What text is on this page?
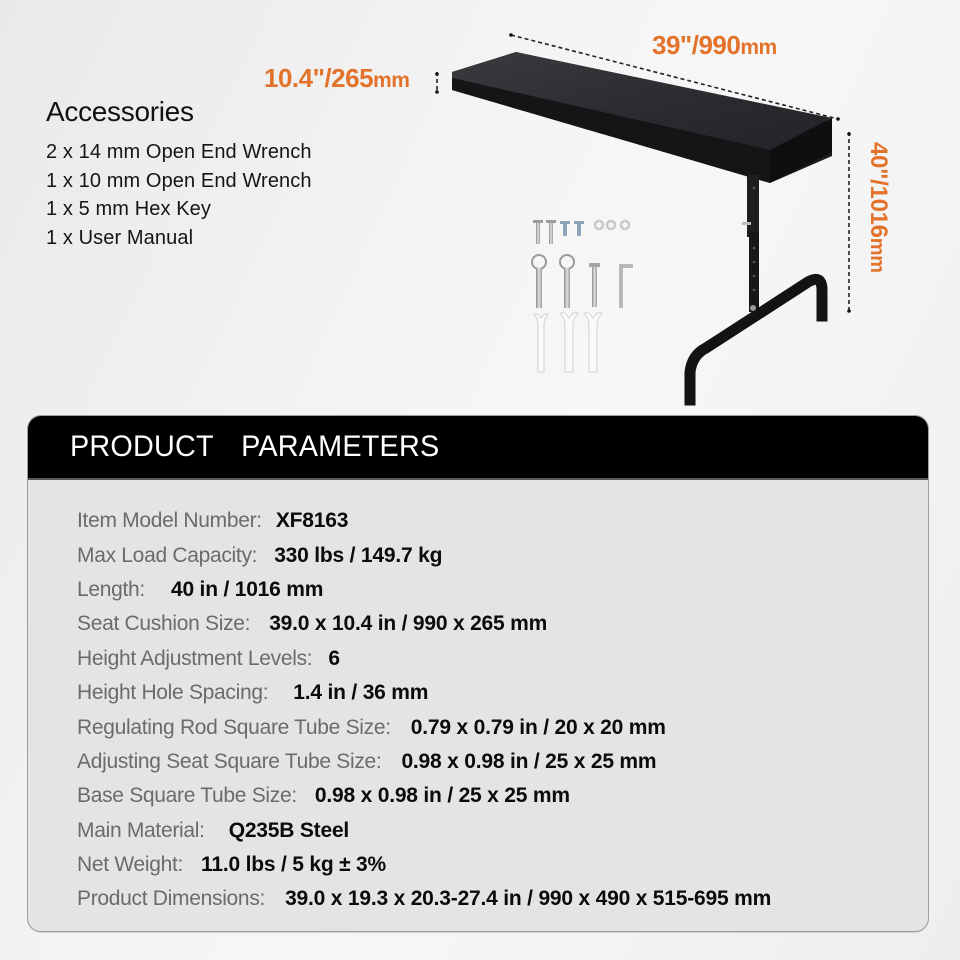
10.4"/265mm
39"/990mm
40"/1016mm
Accessories
2 x 14 mm Open End Wrench
1 x 10 mm Open End Wrench
1 x 5 mm Hex Key
1 x User Manual
PRODUCT  PARAMETERS
Item Model Number: XF8163
Max Load Capacity: 330 lbs / 149.7 kg
Length: 40 in / 1016 mm
Seat Cushion Size: 39.0 x 10.4 in / 990 x 265 mm
Height Adjustment Levels: 6
Height Hole Spacing: 1.4 in / 36 mm
Regulating Rod Square Tube Size: 0.79 x 0.79 in / 20 x 20 mm
Adjusting Seat Square Tube Size: 0.98 x 0.98 in / 25 x 25 mm
Base Square Tube Size: 0.98 x 0.98 in / 25 x 25 mm
Main Material: Q235B Steel
Net Weight: 11.0 lbs / 5 kg ± 3%
Product Dimensions: 39.0 x 19.3 x 20.3-27.4 in / 990 x 490 x 515-695 mm
